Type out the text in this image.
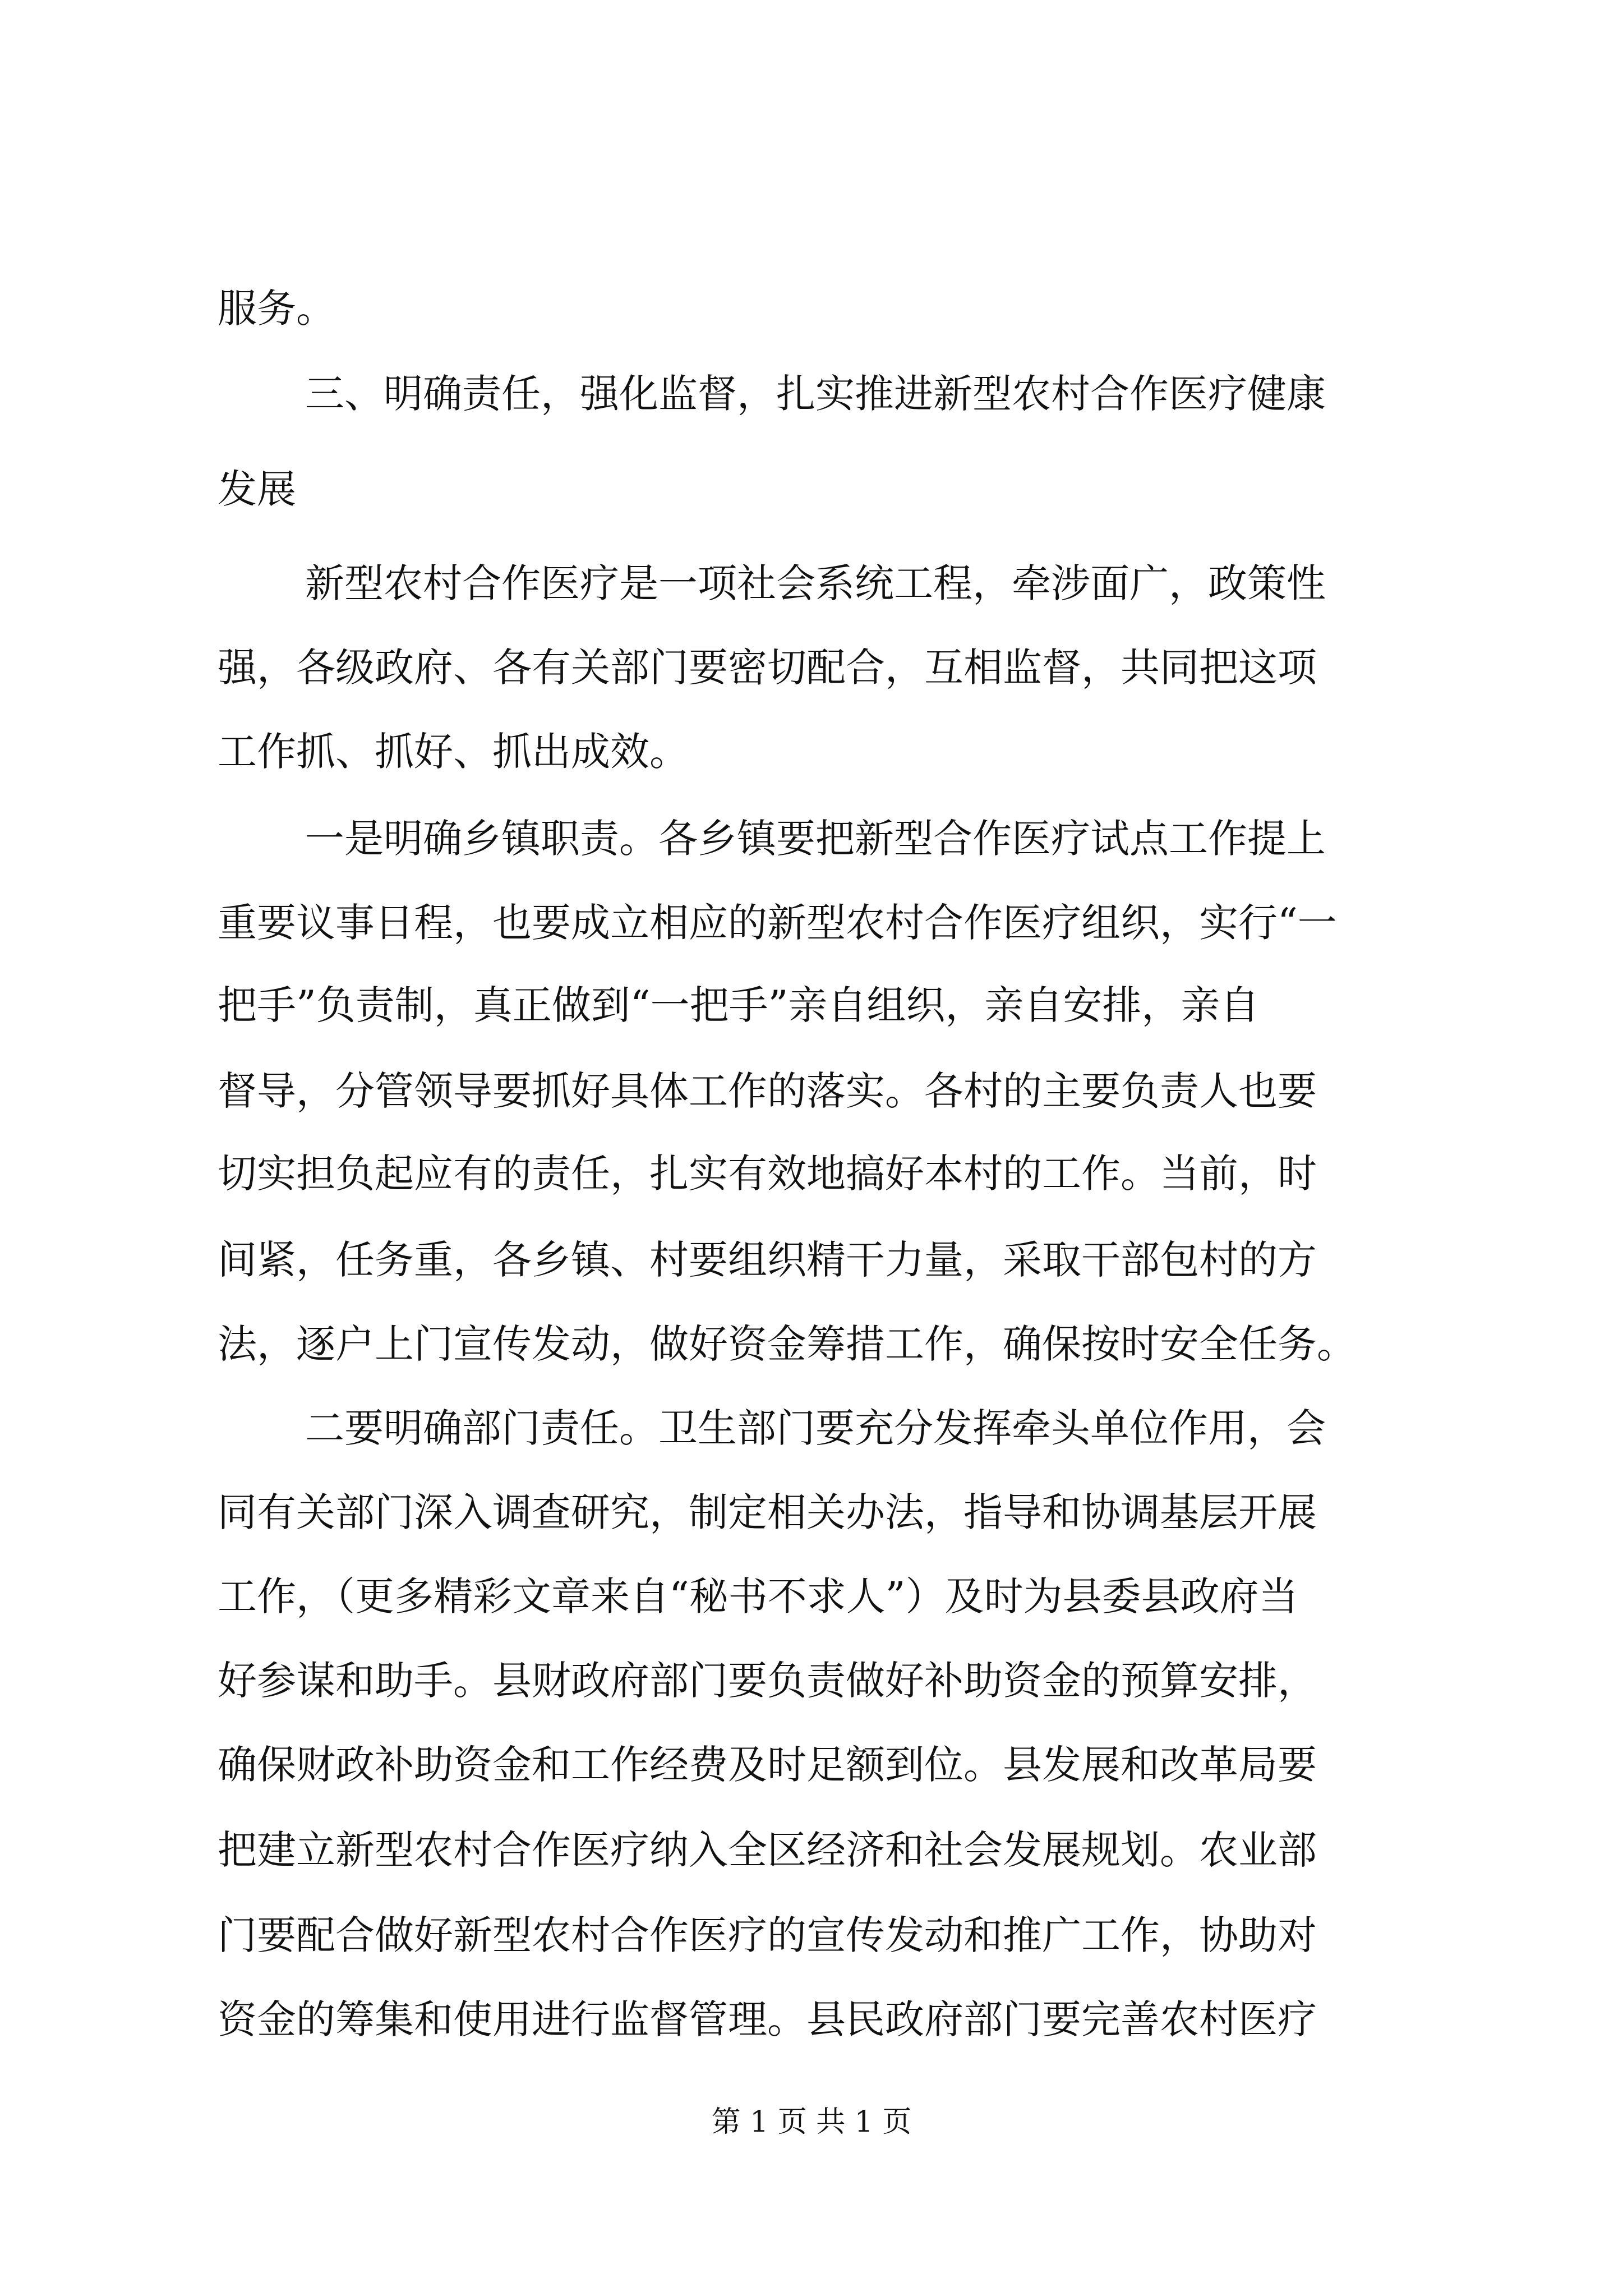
服务。
三、明确责任，强化监督，扎实推进新型农村合作医疗健康
发展
新型农村合作医疗是一项社会系统工程，牵涉面广，政策性
强，各级政府、各有关部门要密切配合，互相监督，共同把这项
工作抓、抓好、抓出成效。
一是明确乡镇职责。各乡镇要把新型合作医疗试点工作提上
重要议事日程，也要成立相应的新型农村合作医疗组织，实行“一
把手”负责制，真正做到“一把手”亲自组织，亲自安排，亲自
督导，分管领导要抓好具体工作的落实。各村的主要负责人也要
切实担负起应有的责任，扎实有效地搞好本村的工作。当前，时
间紧，任务重，各乡镇、村要组织精干力量，采取干部包村的方
法，逐户上门宣传发动，做好资金筹措工作，确保按时安全任务。
二要明确部门责任。卫生部门要充分发挥牵头单位作用，会
同有关部门深入调查研究，制定相关办法，指导和协调基层开展
工作，（更多精彩文章来自“秘书不求人”）及时为县委县政府当
好参谋和助手。县财政府部门要负责做好补助资金的预算安排，
确保财政补助资金和工作经费及时足额到位。县发展和改革局要
把建立新型农村合作医疗纳入全区经济和社会发展规划。农业部
门要配合做好新型农村合作医疗的宣传发动和推广工作，协助对
资金的筹集和使用进行监督管理。县民政府部门要完善农村医疗
第 1 页 共 1 页
